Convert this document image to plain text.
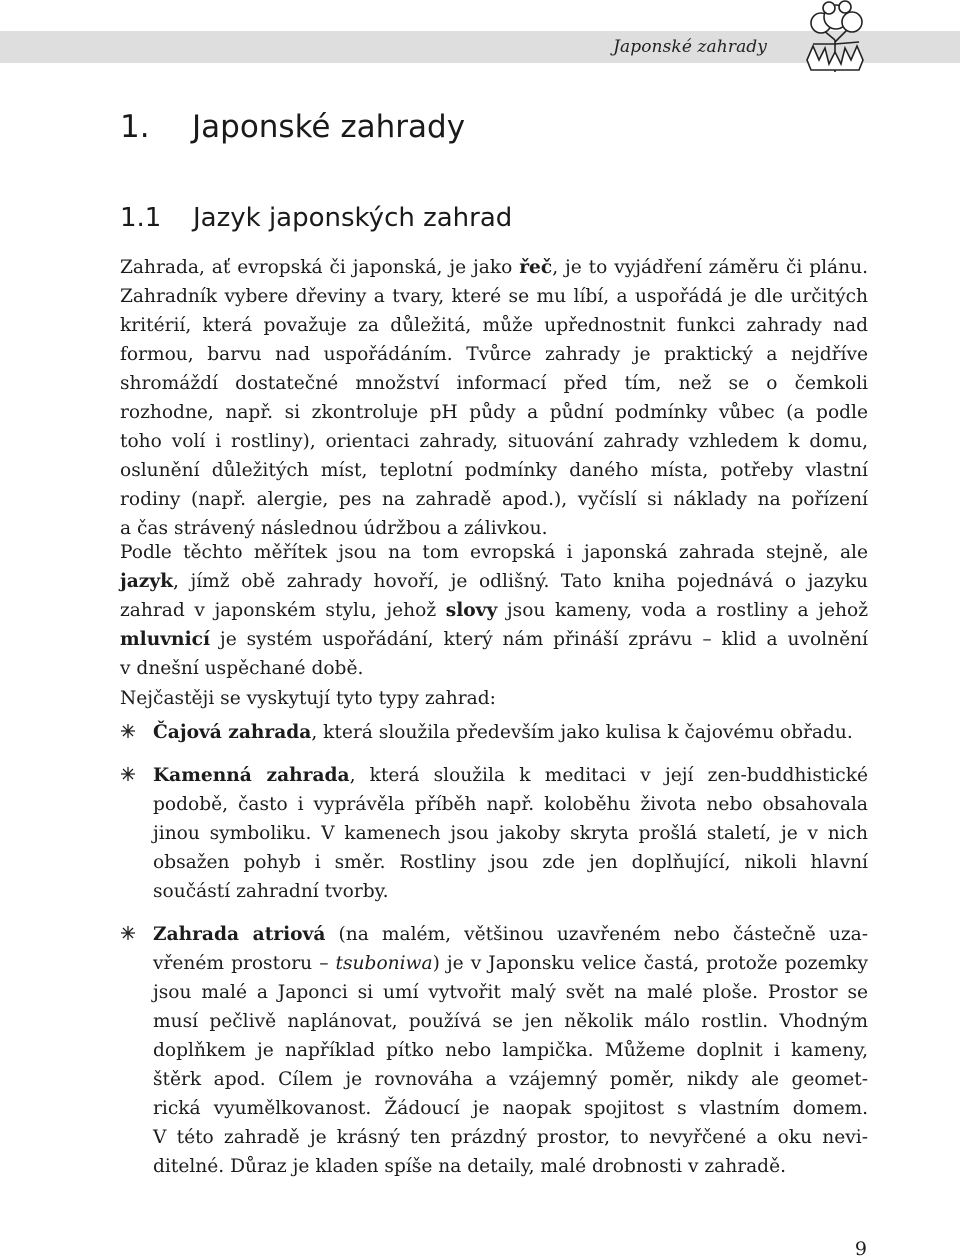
Japonské zahrady
1. Japonské zahrady
1.1 Jazyk japonských zahrad
Zahrada, ať evropská či japonská, je jako řeč, je to vyjádření záměru či plánu.
Zahradník vybere dřeviny a tvary, které se mu líbí, a uspořádá je dle určitých
kritérií, která považuje za důležitá, může upřednostnit funkci zahrady nad
formou, barvu nad uspořádáním. Tvůrce zahrady je praktický a nejdříve
shromáždí dostatečné množství informací před tím, než se o čemkoli
rozhodne, např. si zkontroluje pH půdy a půdní podmínky vůbec (a podle
toho volí i rostliny), orientaci zahrady, situování zahrady vzhledem k domu,
oslunění důležitých míst, teplotní podmínky daného místa, potřeby vlastní
rodiny (např. alergie, pes na zahradě apod.), vyčíslí si náklady na pořízení
a čas strávený následnou údržbou a zálivkou.
Podle těchto měřítek jsou na tom evropská i japonská zahrada stejně, ale
jazyk, jímž obě zahrady hovoří, je odlišný. Tato kniha pojednává o jazyku
zahrad v japonském stylu, jehož slovy jsou kameny, voda a rostliny a jehož
mluvnicí je systém uspořádání, který nám přináší zprávu – klid a uvolnění
v dnešní uspěchané době.
Nejčastěji se vyskytují tyto typy zahrad:
Čajová zahrada, která sloužila především jako kulisa k čajovému obřadu.
Kamenná zahrada, která sloužila k meditaci v její zen-buddhistické
podobě, často i vyprávěla příběh např. koloběhu života nebo obsahovala
jinou symboliku. V kamenech jsou jakoby skryta prošlá staletí, je v nich
obsažen pohyb i směr. Rostliny jsou zde jen doplňující, nikoli hlavní
součástí zahradní tvorby.
Zahrada atriová (na malém, většinou uzavřeném nebo částečně uza-
vřeném prostoru – tsuboniwa) je v Japonsku velice častá, protože pozemky
jsou malé a Japonci si umí vytvořit malý svět na malé ploše. Prostor se
musí pečlivě naplánovat, používá se jen několik málo rostlin. Vhodným
doplňkem je například pítko nebo lampička. Můžeme doplnit i kameny,
štěrk apod. Cílem je rovnováha a vzájemný poměr, nikdy ale geomet-
rická vyumělkovanost. Žádoucí je naopak spojitost s vlastním domem.
V této zahradě je krásný ten prázdný prostor, to nevyřčené a oku nevi-
ditelné. Důraz je kladen spíše na detaily, malé drobnosti v zahradě.
9
